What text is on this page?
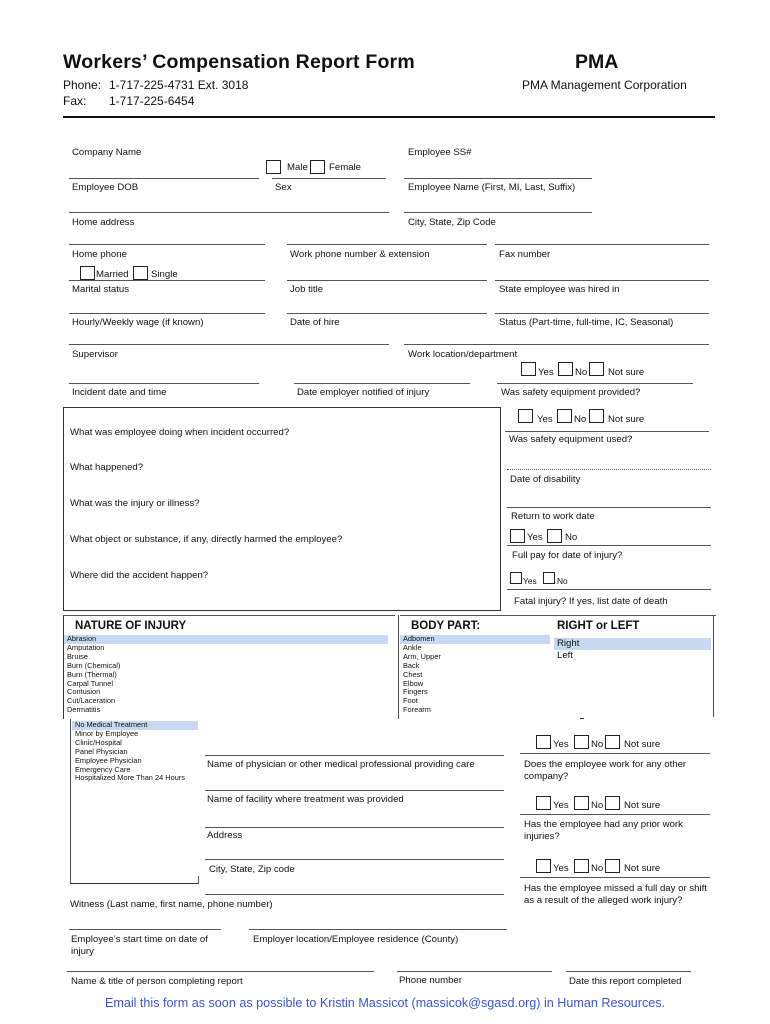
Workers’ Compensation Report Form	PMA
Phone: 1-717-225-4731 Ext. 3018
Fax: 1-717-225-6454
PMA Management Corporation
Company Name	Employee SS#
Male Female
Employee DOB	Sex	Employee Name (First, MI, Last, Suffix)
Home address	City, State, Zip Code
Home phone	Work phone number & extension	Fax number
Married Single
Marital status	Job title	State employee was hired in
Hourly/Weekly wage (if known)	Date of hire	Status (Part-time, full-time, IC, Seasonal)
Supervisor	Work location/department
Yes No Not sure
Incident date and time	Date employer notified of injury	Was safety equipment provided?
What was employee doing when incident occurred?
What happened?
What was the injury or illness?
What object or substance, if any, directly harmed the employee?
Where did the accident happen?
Yes No Not sure
Was safety equipment used?
Date of disability
Return to work date
Yes No
Full pay for date of injury?
Yes No
Fatal injury? If yes, list date of death
NATURE OF INJURY	BODY PART:	RIGHT or LEFT
Abrasion
Amputation
Bruise
Burn (Chemical)
Burn (Thermal)
Carpal Tunnel
Contusion
Cut/Laceration
Dermatitis
Adbomen
Ankle
Arm, Upper
Back
Chest
Elbow
Fingers
Foot
Forearm
Right
Left
No Medical Treatment
Minor by Employee
Clinic/Hospital
Panel Physician
Employee Physician
Emergency Care
Hospitalized More Than 24 Hours
Name of physician or other medical professional providing care
Name of facility where treatment was provided
Address
City, State, Zip code
Yes No Not sure
Does the employee work for any other company?
Yes No Not sure
Has the employee had any prior work injuries?
Yes No Not sure
Has the employee missed a full day or shift as a result of the alleged work injury?
Witness (Last name, first name, phone number)
Employee’s start time on date of injury
Employer location/Employee residence (County)
Name & title of person completing report	Phone number	Date this report completed
Email this form as soon as possible to Kristin Massicot (massicok@sgasd.org) in Human Resources.
